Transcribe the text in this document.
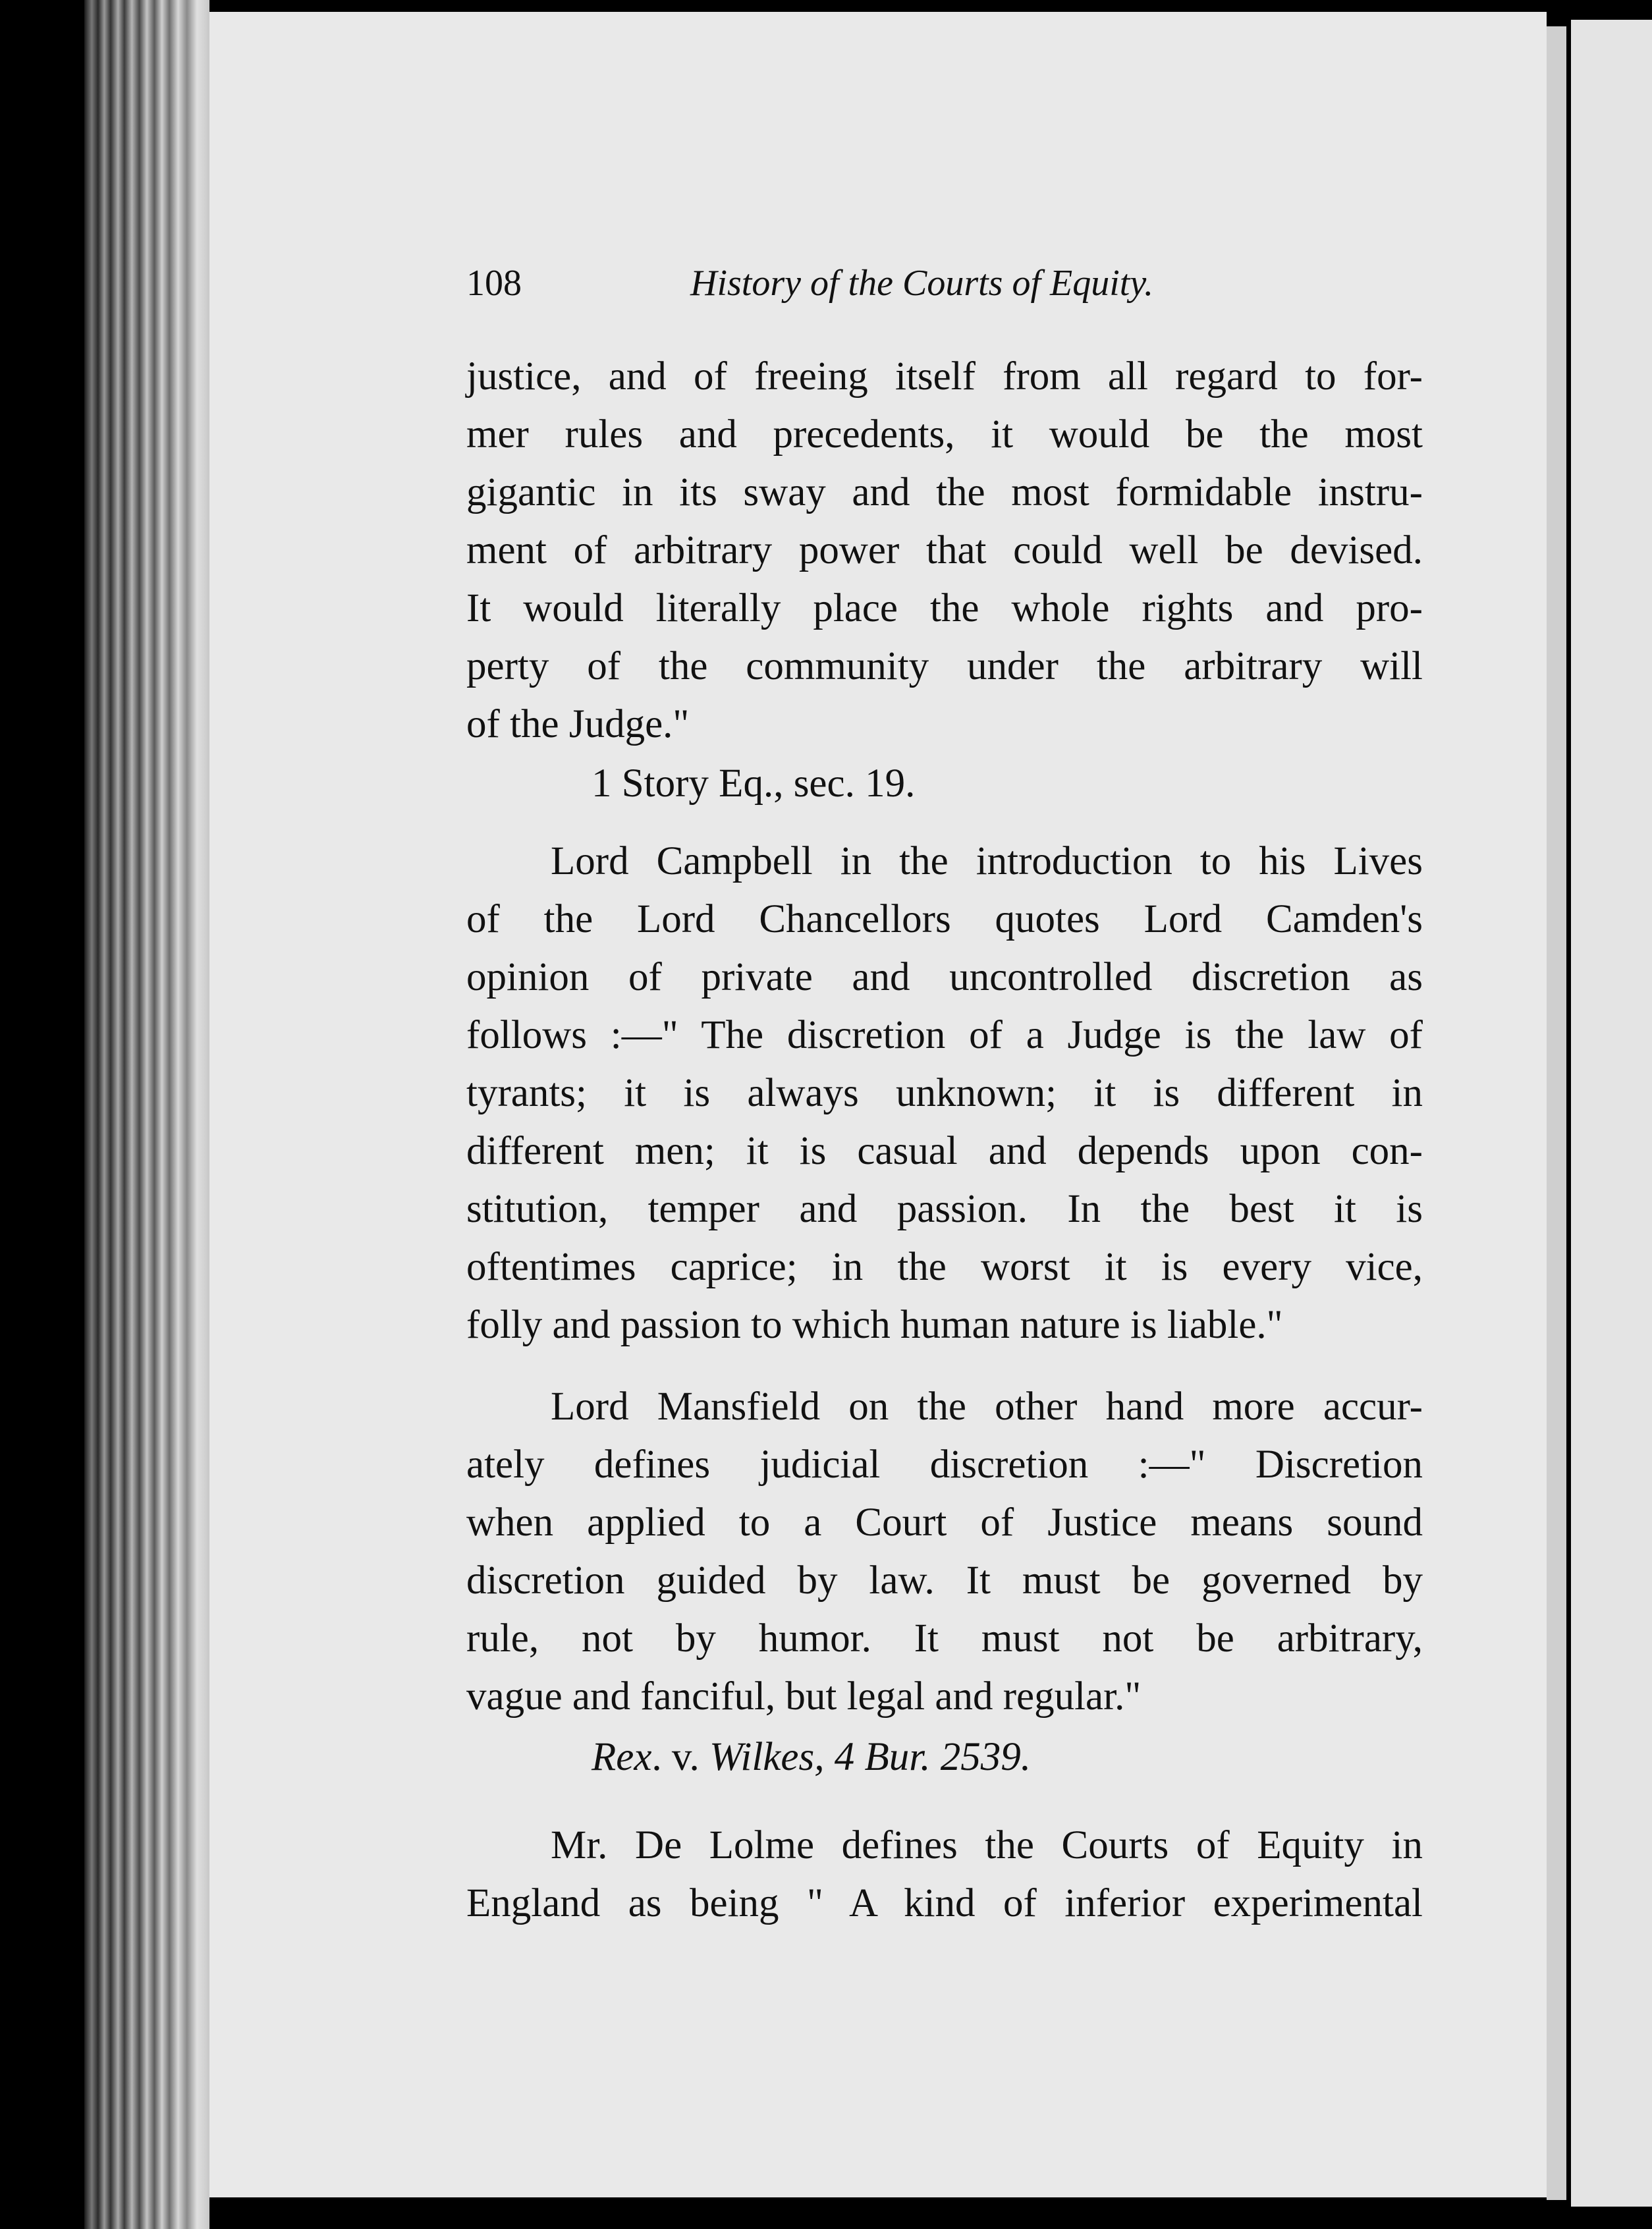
108	History of the Courts of Equity.
justice, and of freeing itself from all regard to for-
mer rules and precedents, it would be the most
gigantic in its sway and the most formidable instru-
ment of arbitrary power that could well be devised.
It would literally place the whole rights and pro-
perty of the community under the arbitrary will
of the Judge."
1 Story Eq., sec. 19.
Lord Campbell in the introduction to his Lives
of the Lord Chancellors quotes Lord Camden's
opinion of private and uncontrolled discretion as
follows :—" The discretion of a Judge is the law of
tyrants; it is always unknown; it is different in
different men; it is casual and depends upon con-
stitution, temper and passion. In the best it is
oftentimes caprice; in the worst it is every vice,
folly and passion to which human nature is liable."
Lord Mansfield on the other hand more accur-
ately defines judicial discretion :—" Discretion
when applied to a Court of Justice means sound
discretion guided by law. It must be governed by
rule, not by humor. It must not be arbitrary,
vague and fanciful, but legal and regular."
Rex. v. Wilkes, 4 Bur. 2539.
Mr. De Lolme defines the Courts of Equity in
England as being " A kind of inferior experimental
